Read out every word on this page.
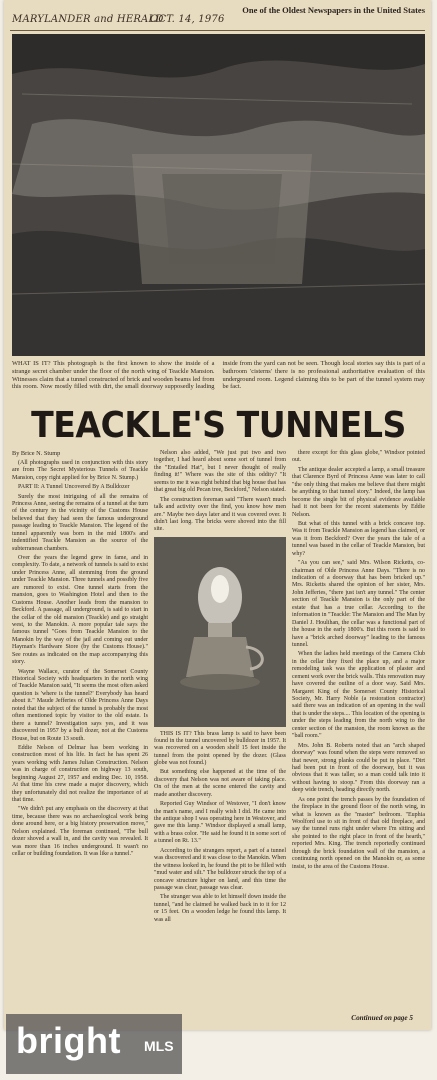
MARYLANDER and HERALD
OCT. 14, 1976
One of the Oldest Newspapers in the United States
WHAT IS IT? This photograph is the first known to show the inside of a strange secret chamber under the floor of the north wing of Teackle Mansion. Witnesses claim that a tunnel constructed of brick and wooden beams led from this room. Now mostly filled with dirt, the small doorway supposedly leading inside from the yard can not be seen. Though local stories say this is part of a bathroom 'cisterns' there is no professional authoritative evaluation of this underground room. Legend claiming this to be part of the tunnel system may be fact.
TEACKLE'S TUNNELS

By Brice N. Stump

(All photographs used in conjunction with this story are from The Secret Mysterious Tunnels of Teackle Mansion, copy right applied for by Brice N. Stump.)

PART II: A Tunnel Uncovered By A Bulldozer

Surely the most intriguing of all the remains of Princess Anne, seeing the remains of a tunnel at the turn of the century in the vicinity of the Customs House believed that they had seen the famous underground passage leading to Teackle Mansion. The legend of the tunnel apparently was born in the mid 1800's and indentified Teackle Mansion as the source of the subterranean chambers.

Over the years the legend grew in fame, and in complexity. To date, a network of tunnels is said to exist under Princess Anne, all stemming from the ground under Teackle Mansion. Three tunnels and possibly five are rumored to exist. One tunnel starts from the mansion, goes to Washington Hotel and then to the Customs House. Another leads from the mansion to Beckford. A passage, all underground, is said to start in the cellar of the old mansion (Teackle) and go straight west, to the Manokin. A more popular tale says the famous tunnel "Goes from Teackle Mansion to the Manokin by the way of the jail and coming out under Hayman's Hardware Store (by the Customs House)." See routes as indicated on the map accompanying this story.

Wayne Wallace, curator of the Somerset County Historical Society with headquarters in the north wing of Teackle Mansion said, "It seems the most often asked question is 'where is the tunnel?' Everybody has heard about it." Maude Jefferies of Olde Princess Anne Days noted that the subject of the tunnel is probably the most often mentioned topic by visitor to the old estate. Is there a tunnel? Investigation says yes, and it was discovered in 1957 by a bull dozer, not at the Customs House, but on Route 13 south.

Eddie Nelson of Delmar has been working in construction most of his life. In fact he has spent 26 years working with James Julian Construction. Nelson was in charge of construction on highway 13 south, beginning August 27, 1957 and ending Dec. 10, 1958. At that time his crew made a major discovery, which they unfortunately did not realize the importance of at that time.

"We didn't put any emphasis on the discovery at that time, because there was no archaeological work being done around here, or a big history preservation move," Nelson explained. The foreman continued, "The bull dozer shoved a wall in, and the cavity was revealed. It was more than 16 inches underground. It wasn't no cellar or building foundation. It was like a tunnel."

Nelson also added, "We just put two and two together, I had heard about some sort of tunnel from the "Entailed Hat", but I never thought of really finding it!" Where was the site of this oddity? "It seems to me it was right behind that big house that has that great big old Pecan tree, Beckford," Nelson stated.

The construction foreman said "There wasn't much talk and activity over the find, you know how men are." Maybe two days later and it was covered over. It didn't last long. The bricks were shoved into the fill site.

THIS IS IT? This brass lamp is said to have been found in the tunnel uncovered by bulldozer in 1957. It was recovered on a wooden shelf 15 feet inside the tunnel from the point opened by the dozer. (Glass globe was not found.)

But something else happened at the time of the discovery that Nelson was not aware of taking place. On of the men at the scene entered the cavity and made another discovery.

Reported Guy Windsor of Westover, "I don't know the man's name, and I really wish I did. He came into the antique shop I was operating here in Westover, and gave me this lamp." Windsor displayed a small lamp, with a brass color. "He said he found it in some sort of a tunnel on Rt. 13."

According to the strangers report, a part of a tunnel was discovered and it was close to the Manokin. When the witness looked in, he found the pit to be filled with "mud water and silt." The bulldozer struck the top of a concave structure higher on land, and this time the passage was clear, passage was clear.

The stranger was able to let himself down inside the tunnel, "and he claimed he walked back in to it for 12 or 15 feet. On a wooden ledge he found this lamp. It was all

there except for this glass globe," Windsor pointed out.

The antique dealer accepted a lamp, a small treasure that Clarence Byrd of Princess Anne was later to call "the only thing that makes me believe that there might be anything to that tunnel story." Indeed, the lamp has become the single bit of physical evidence available had it not been for the recent statements by Eddie Nelson.

But what of this tunnel with a brick concave top. Was it from Teackle Mansion as legend has claimed, or was it from Beckford? Over the years the tale of a tunnel was based in the cellar of Teackle Mansion, but why?

"As you can see," said Mrs. Wilson Ricketts, co-chairman of Olde Princess Anne Days. "There is no indication of a doorway that has been bricked up." Mrs. Ricketts shared the opinion of her sister, Mrs. John Jefferies, "there just isn't any tunnel." The center section of Teackle Mansion is the only part of the estate that has a true cellar. According to the information in "Teackle: The Mansion and The Man by Daniel J. Houlihan, the cellar was a functional part of the house in the early 1800's. But this room is said to have a "brick arched doorway" leading to the famous tunnel.

When the ladies held meetings of the Camera Club in the cellar they fixed the place up, and a major remodeling task was the application of plaster and cement work over the brick walls. This renovation may have covered the outline of a door way. Said Mrs. Margaret King of the Somerset County Historical Society, Mr. Harry Noble (a restoration contractor) said there was an indication of an opening in the wall that is under the steps.... This location of the opening is under the steps leading from the north wing to the center section of the mansion, the room known as the "ball room."

Mrs. John B. Roberts noted that an "arch shaped doorway" was found when the steps were removed so that newer, strong planks could be put in place. "Dirt had been put in front of the doorway, but it was obvious that it was taller, so a man could talk into it without having to stoop." From this doorway ran a deep wide trench, heading directly north.

As one point the trench passes by the foundation of the fireplace in the ground floor of the north wing, in what is known as the "master" bedroom. "Euphia Woolford use to sit in front of that old fireplace, and say the tunnel runs right under where I'm sitting and she pointed to the right place in front of the hearth," reported Mrs. King. The trench reportedly continued through the brick foundation wall of the mansion, a continuing north opened on the Manokin or, as some insist, to the area of the Customs House.

Continued on page 5
bright MLS
